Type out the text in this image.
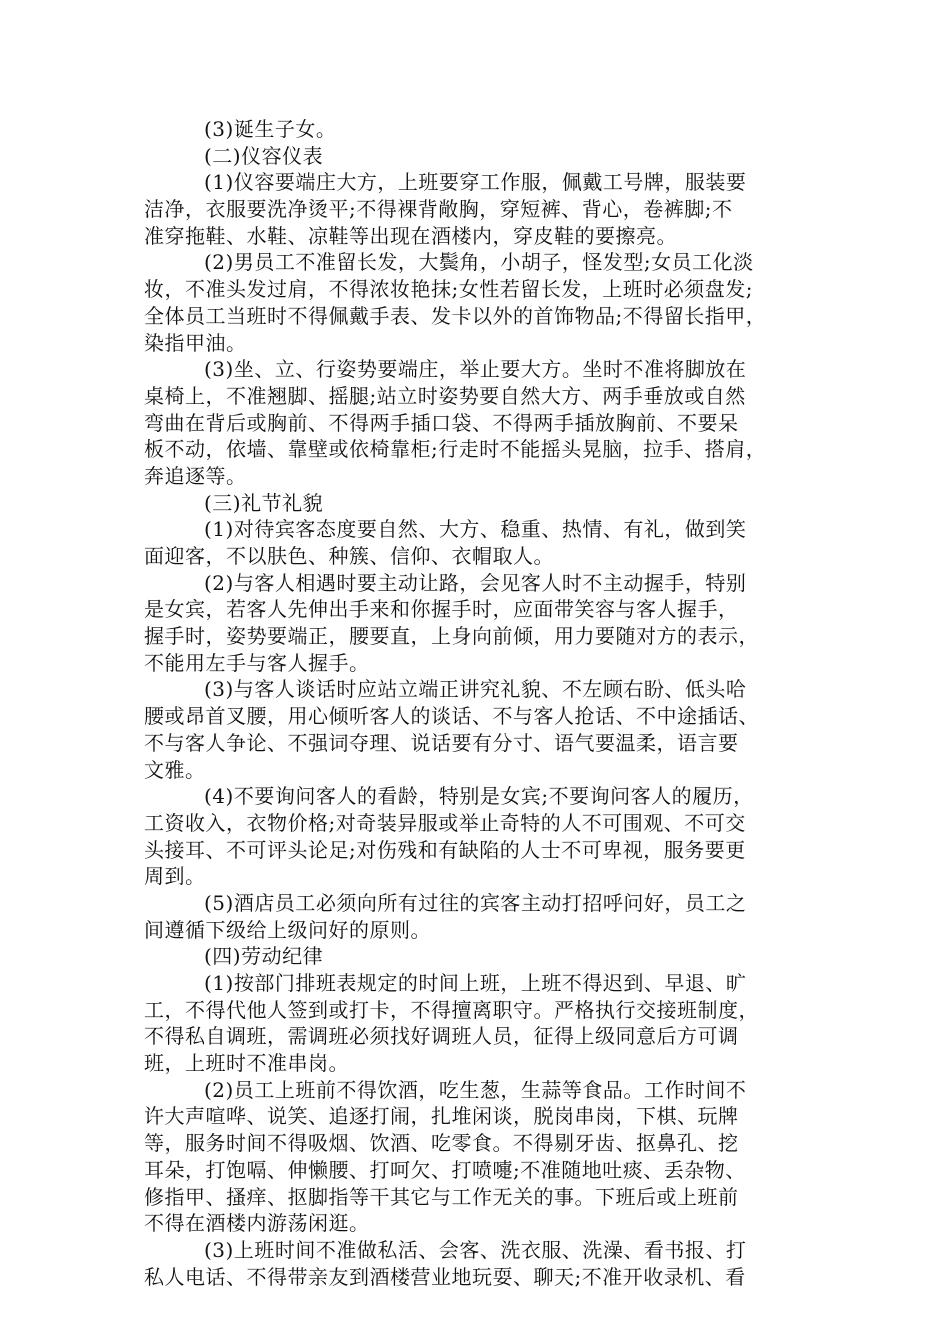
(3)诞生子女。
(二)仪容仪表
(1)仪容要端庄大方，上班要穿工作服，佩戴工号牌，服装要
洁净，衣服要洗净烫平;不得裸背敞胸，穿短裤、背心，卷裤脚;不
准穿拖鞋、水鞋、凉鞋等出现在酒楼内，穿皮鞋的要擦亮。
(2)男员工不准留长发，大鬓角，小胡子，怪发型;女员工化淡
妆，不准头发过肩，不得浓妆艳抹;女性若留长发，上班时必须盘发;
全体员工当班时不得佩戴手表、发卡以外的首饰物品;不得留长指甲，
染指甲油。
(3)坐、立、行姿势要端庄，举止要大方。坐时不准将脚放在
桌椅上，不准翘脚、摇腿;站立时姿势要自然大方、两手垂放或自然
弯曲在背后或胸前、不得两手插口袋、不得两手插放胸前、不要呆
板不动，依墙、靠壁或依椅靠柜;行走时不能摇头晃脑，拉手、搭肩，
奔追逐等。
(三)礼节礼貌
(1)对待宾客态度要自然、大方、稳重、热情、有礼，做到笑
面迎客，不以肤色、种簇、信仰、衣帽取人。
(2)与客人相遇时要主动让路，会见客人时不主动握手，特别
是女宾，若客人先伸出手来和你握手时，应面带笑容与客人握手，
握手时，姿势要端正，腰要直，上身向前倾，用力要随对方的表示，
不能用左手与客人握手。
(3)与客人谈话时应站立端正讲究礼貌、不左顾右盼、低头哈
腰或昂首叉腰，用心倾听客人的谈话、不与客人抢话、不中途插话、
不与客人争论、不强词夺理、说话要有分寸、语气要温柔，语言要
文雅。
(4)不要询问客人的看龄，特别是女宾;不要询问客人的履历，
工资收入，衣物价格;对奇装异服或举止奇特的人不可围观、不可交
头接耳、不可评头论足;对伤残和有缺陷的人士不可卑视，服务要更
周到。
(5)酒店员工必须向所有过往的宾客主动打招呼问好，员工之
间遵循下级给上级问好的原则。
(四)劳动纪律
(1)按部门排班表规定的时间上班，上班不得迟到、早退、旷
工，不得代他人签到或打卡，不得擅离职守。严格执行交接班制度，
不得私自调班，需调班必须找好调班人员，征得上级同意后方可调
班，上班时不准串岗。
(2)员工上班前不得饮酒，吃生葱，生蒜等食品。工作时间不
许大声喧哗、说笑、追逐打闹，扎堆闲谈，脱岗串岗，下棋、玩牌
等，服务时间不得吸烟、饮酒、吃零食。不得剔牙齿、抠鼻孔、挖
耳朵，打饱嗝、伸懒腰、打呵欠、打喷嚏;不准随地吐痰、丢杂物、
修指甲、搔痒、抠脚指等干其它与工作无关的事。下班后或上班前
不得在酒楼内游荡闲逛。
(3)上班时间不准做私活、会客、洗衣服、洗澡、看书报、打
私人电话、不得带亲友到酒楼营业地玩耍、聊天;不准开收录机、看
